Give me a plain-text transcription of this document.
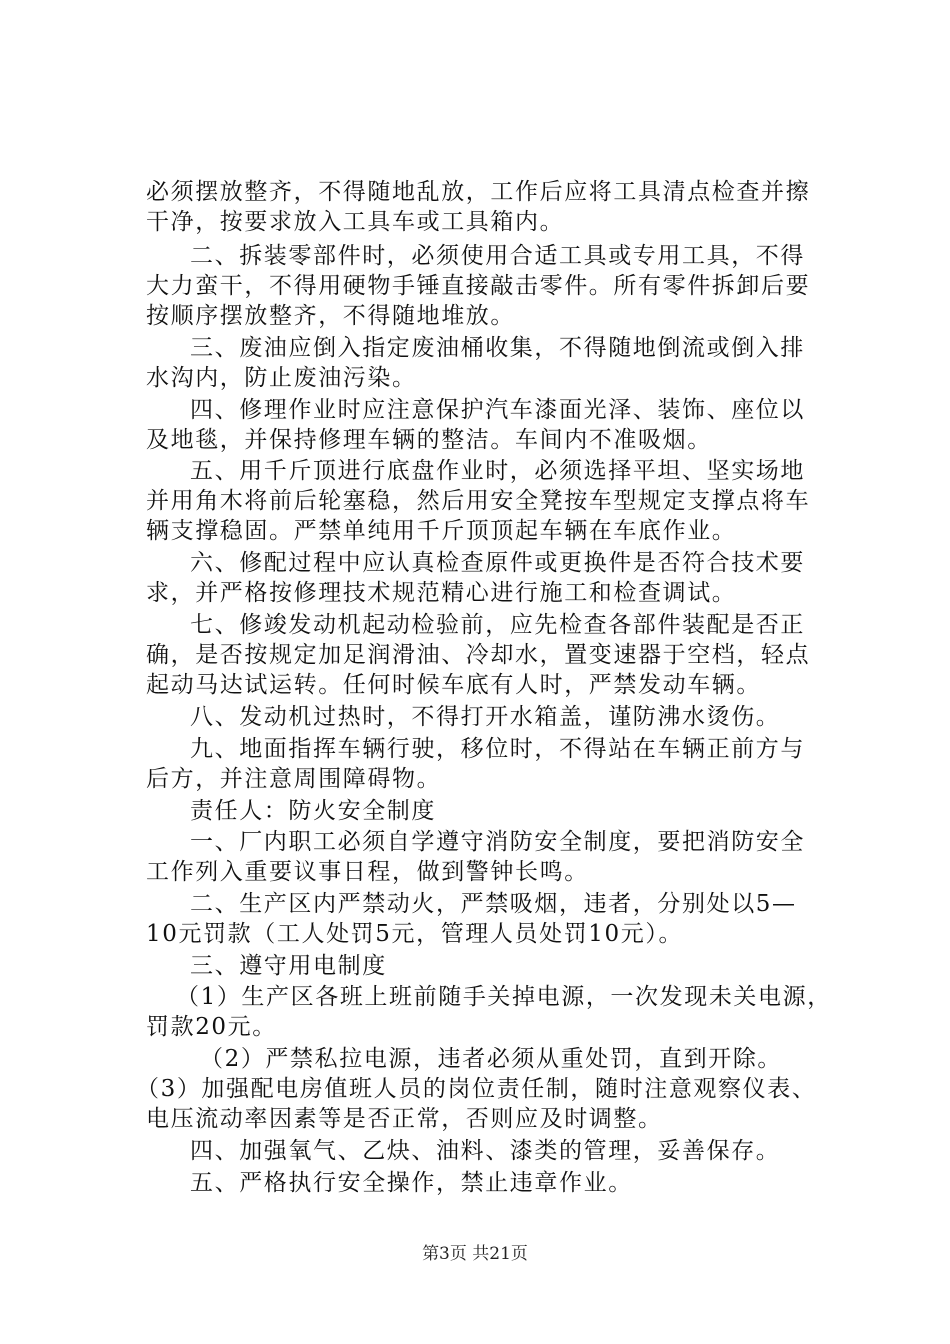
必须摆放整齐，不得随地乱放，工作后应将工具清点检查并擦
干净，按要求放入工具车或工具箱内。
二、拆装零部件时，必须使用合适工具或专用工具，不得
大力蛮干，不得用硬物手锤直接敲击零件。所有零件拆卸后要
按顺序摆放整齐，不得随地堆放。
三、废油应倒入指定废油桶收集，不得随地倒流或倒入排
水沟内，防止废油污染。
四、修理作业时应注意保护汽车漆面光泽、装饰、座位以
及地毯，并保持修理车辆的整洁。车间内不准吸烟。
五、用千斤顶进行底盘作业时，必须选择平坦、坚实场地
并用角木将前后轮塞稳，然后用安全凳按车型规定支撑点将车
辆支撑稳固。严禁单纯用千斤顶顶起车辆在车底作业。
六、修配过程中应认真检查原件或更换件是否符合技术要
求，并严格按修理技术规范精心进行施工和检查调试。
七、修竣发动机起动检验前，应先检查各部件装配是否正
确，是否按规定加足润滑油、冷却水，置变速器于空档，轻点
起动马达试运转。任何时候车底有人时，严禁发动车辆。
八、发动机过热时，不得打开水箱盖，谨防沸水烫伤。
九、地面指挥车辆行驶，移位时，不得站在车辆正前方与
后方，并注意周围障碍物。
责任人：防火安全制度
一、厂内职工必须自学遵守消防安全制度，要把消防安全
工作列入重要议事日程，做到警钟长鸣。
二、生产区内严禁动火，严禁吸烟，违者，分别处以5—
10元罚款（工人处罚5元，管理人员处罚10元）。
三、遵守用电制度
（1）生产区各班上班前随手关掉电源，一次发现未关电源，
罚款20元。
（2）严禁私拉电源，违者必须从重处罚，直到开除。
（3）加强配电房值班人员的岗位责任制，随时注意观察仪表、
电压流动率因素等是否正常，否则应及时调整。
四、加强氧气、乙炔、油料、漆类的管理，妥善保存。
五、严格执行安全操作，禁止违章作业。
第3页 共21页
